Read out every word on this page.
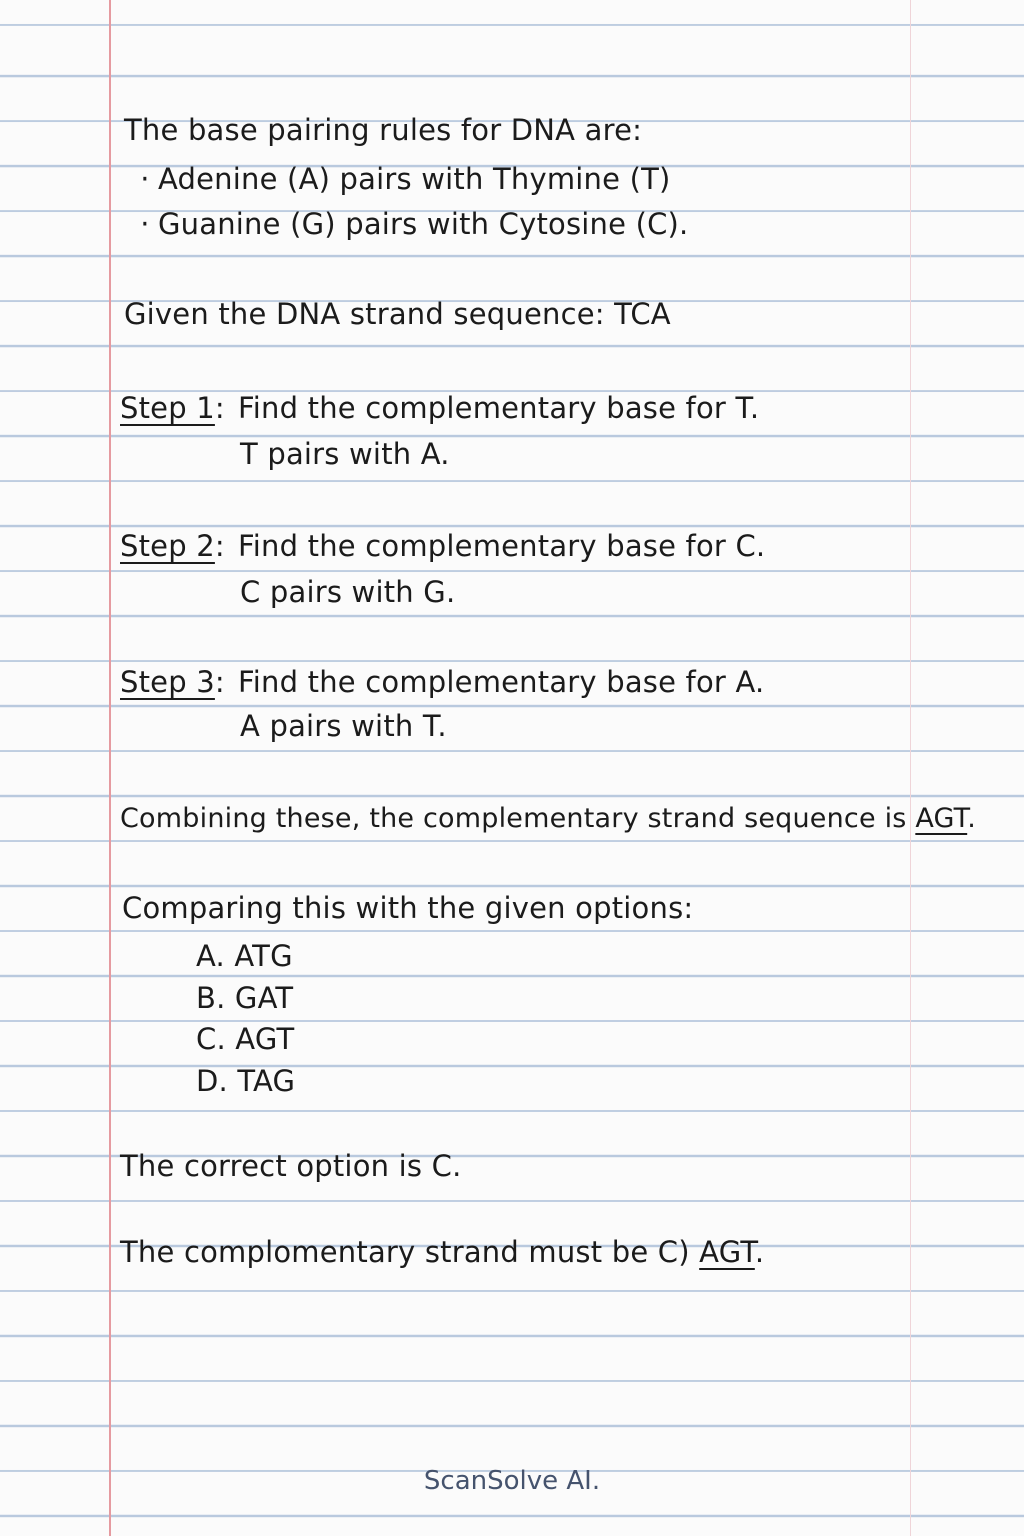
The base pairing rules for DNA are:

· Adenine (A) pairs with Thymine (T)

· Guanine (G) pairs with Cytosine (C).

Given the DNA strand sequence: TCA

Step 1: Find the complementary base for T.

T pairs with A.

Step 2: Find the complementary base for C.

C pairs with G.

Step 3: Find the complementary base for A.

A pairs with T.

Combining these, the complementary strand sequence is AGT.

Comparing this with the given options:

A. ATG

B. GAT

C. AGT

D. TAG

The correct option is C.

The complomentary strand must be C) AGT.

ScanSolve AI.
